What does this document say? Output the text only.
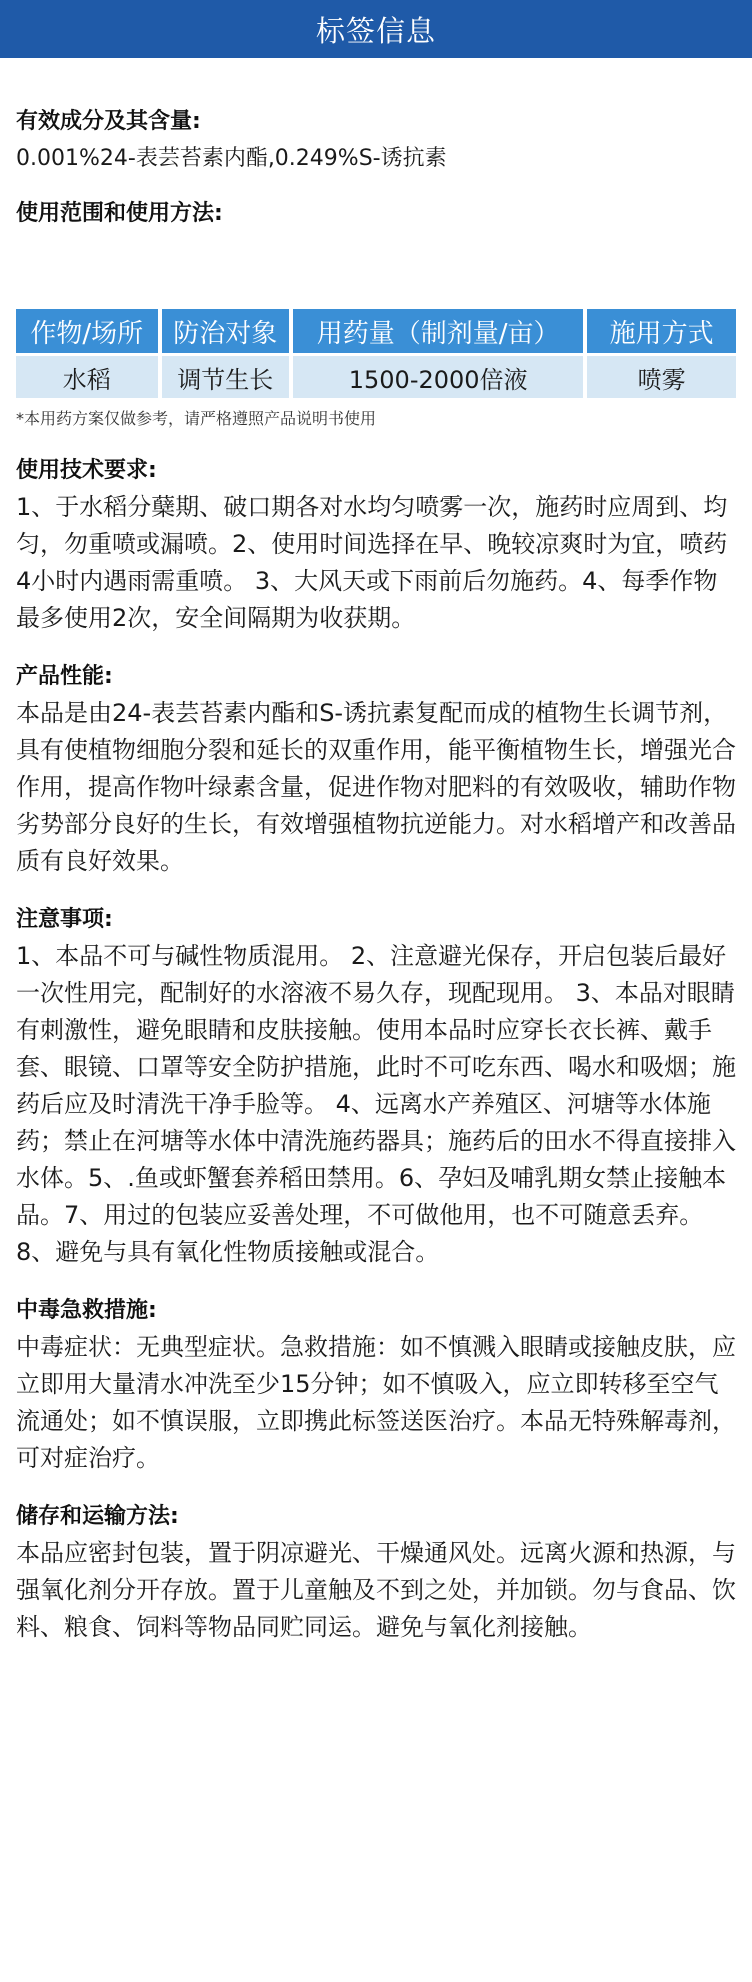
标签信息
有效成分及其含量:
0.001%24-表芸苔素内酯,0.249%S-诱抗素
使用范围和使用方法:
作物/场所	防治对象	用药量（制剂量/亩）	施用方式
水稻	调节生长	1500-2000倍液	喷雾
*本用药方案仅做参考，请严格遵照产品说明书使用
使用技术要求:
1、于水稻分蘖期、破口期各对水均匀喷雾一次，施药时应周到、均匀，勿重喷或漏喷。2、使用时间选择在早、晚较凉爽时为宜，喷药4小时内遇雨需重喷。 3、大风天或下雨前后勿施药。4、每季作物最多使用2次，安全间隔期为收获期。
产品性能:
本品是由24-表芸苔素内酯和S-诱抗素复配而成的植物生长调节剂，具有使植物细胞分裂和延长的双重作用，能平衡植物生长，增强光合作用，提高作物叶绿素含量，促进作物对肥料的有效吸收，辅助作物劣势部分良好的生长，有效增强植物抗逆能力。对水稻增产和改善品质有良好效果。
注意事项:
1、本品不可与碱性物质混用。 2、注意避光保存，开启包装后最好一次性用完，配制好的水溶液不易久存，现配现用。 3、本品对眼睛有刺激性，避免眼睛和皮肤接触。使用本品时应穿长衣长裤、戴手套、眼镜、口罩等安全防护措施，此时不可吃东西、喝水和吸烟；施药后应及时清洗干净手脸等。 4、远离水产养殖区、河塘等水体施药；禁止在河塘等水体中清洗施药器具；施药后的田水不得直接排入水体。5、.鱼或虾蟹套养稻田禁用。6、孕妇及哺乳期女禁止接触本品。7、用过的包装应妥善处理，不可做他用，也不可随意丢弃。8、避免与具有氧化性物质接触或混合。
中毒急救措施:
中毒症状：无典型症状。急救措施：如不慎溅入眼睛或接触皮肤，应立即用大量清水冲洗至少15分钟；如不慎吸入，应立即转移至空气流通处；如不慎误服，立即携此标签送医治疗。本品无特殊解毒剂，可对症治疗。
储存和运输方法:
本品应密封包装，置于阴凉避光、干燥通风处。远离火源和热源，与强氧化剂分开存放。置于儿童触及不到之处，并加锁。勿与食品、饮料、粮食、饲料等物品同贮同运。避免与氧化剂接触。
